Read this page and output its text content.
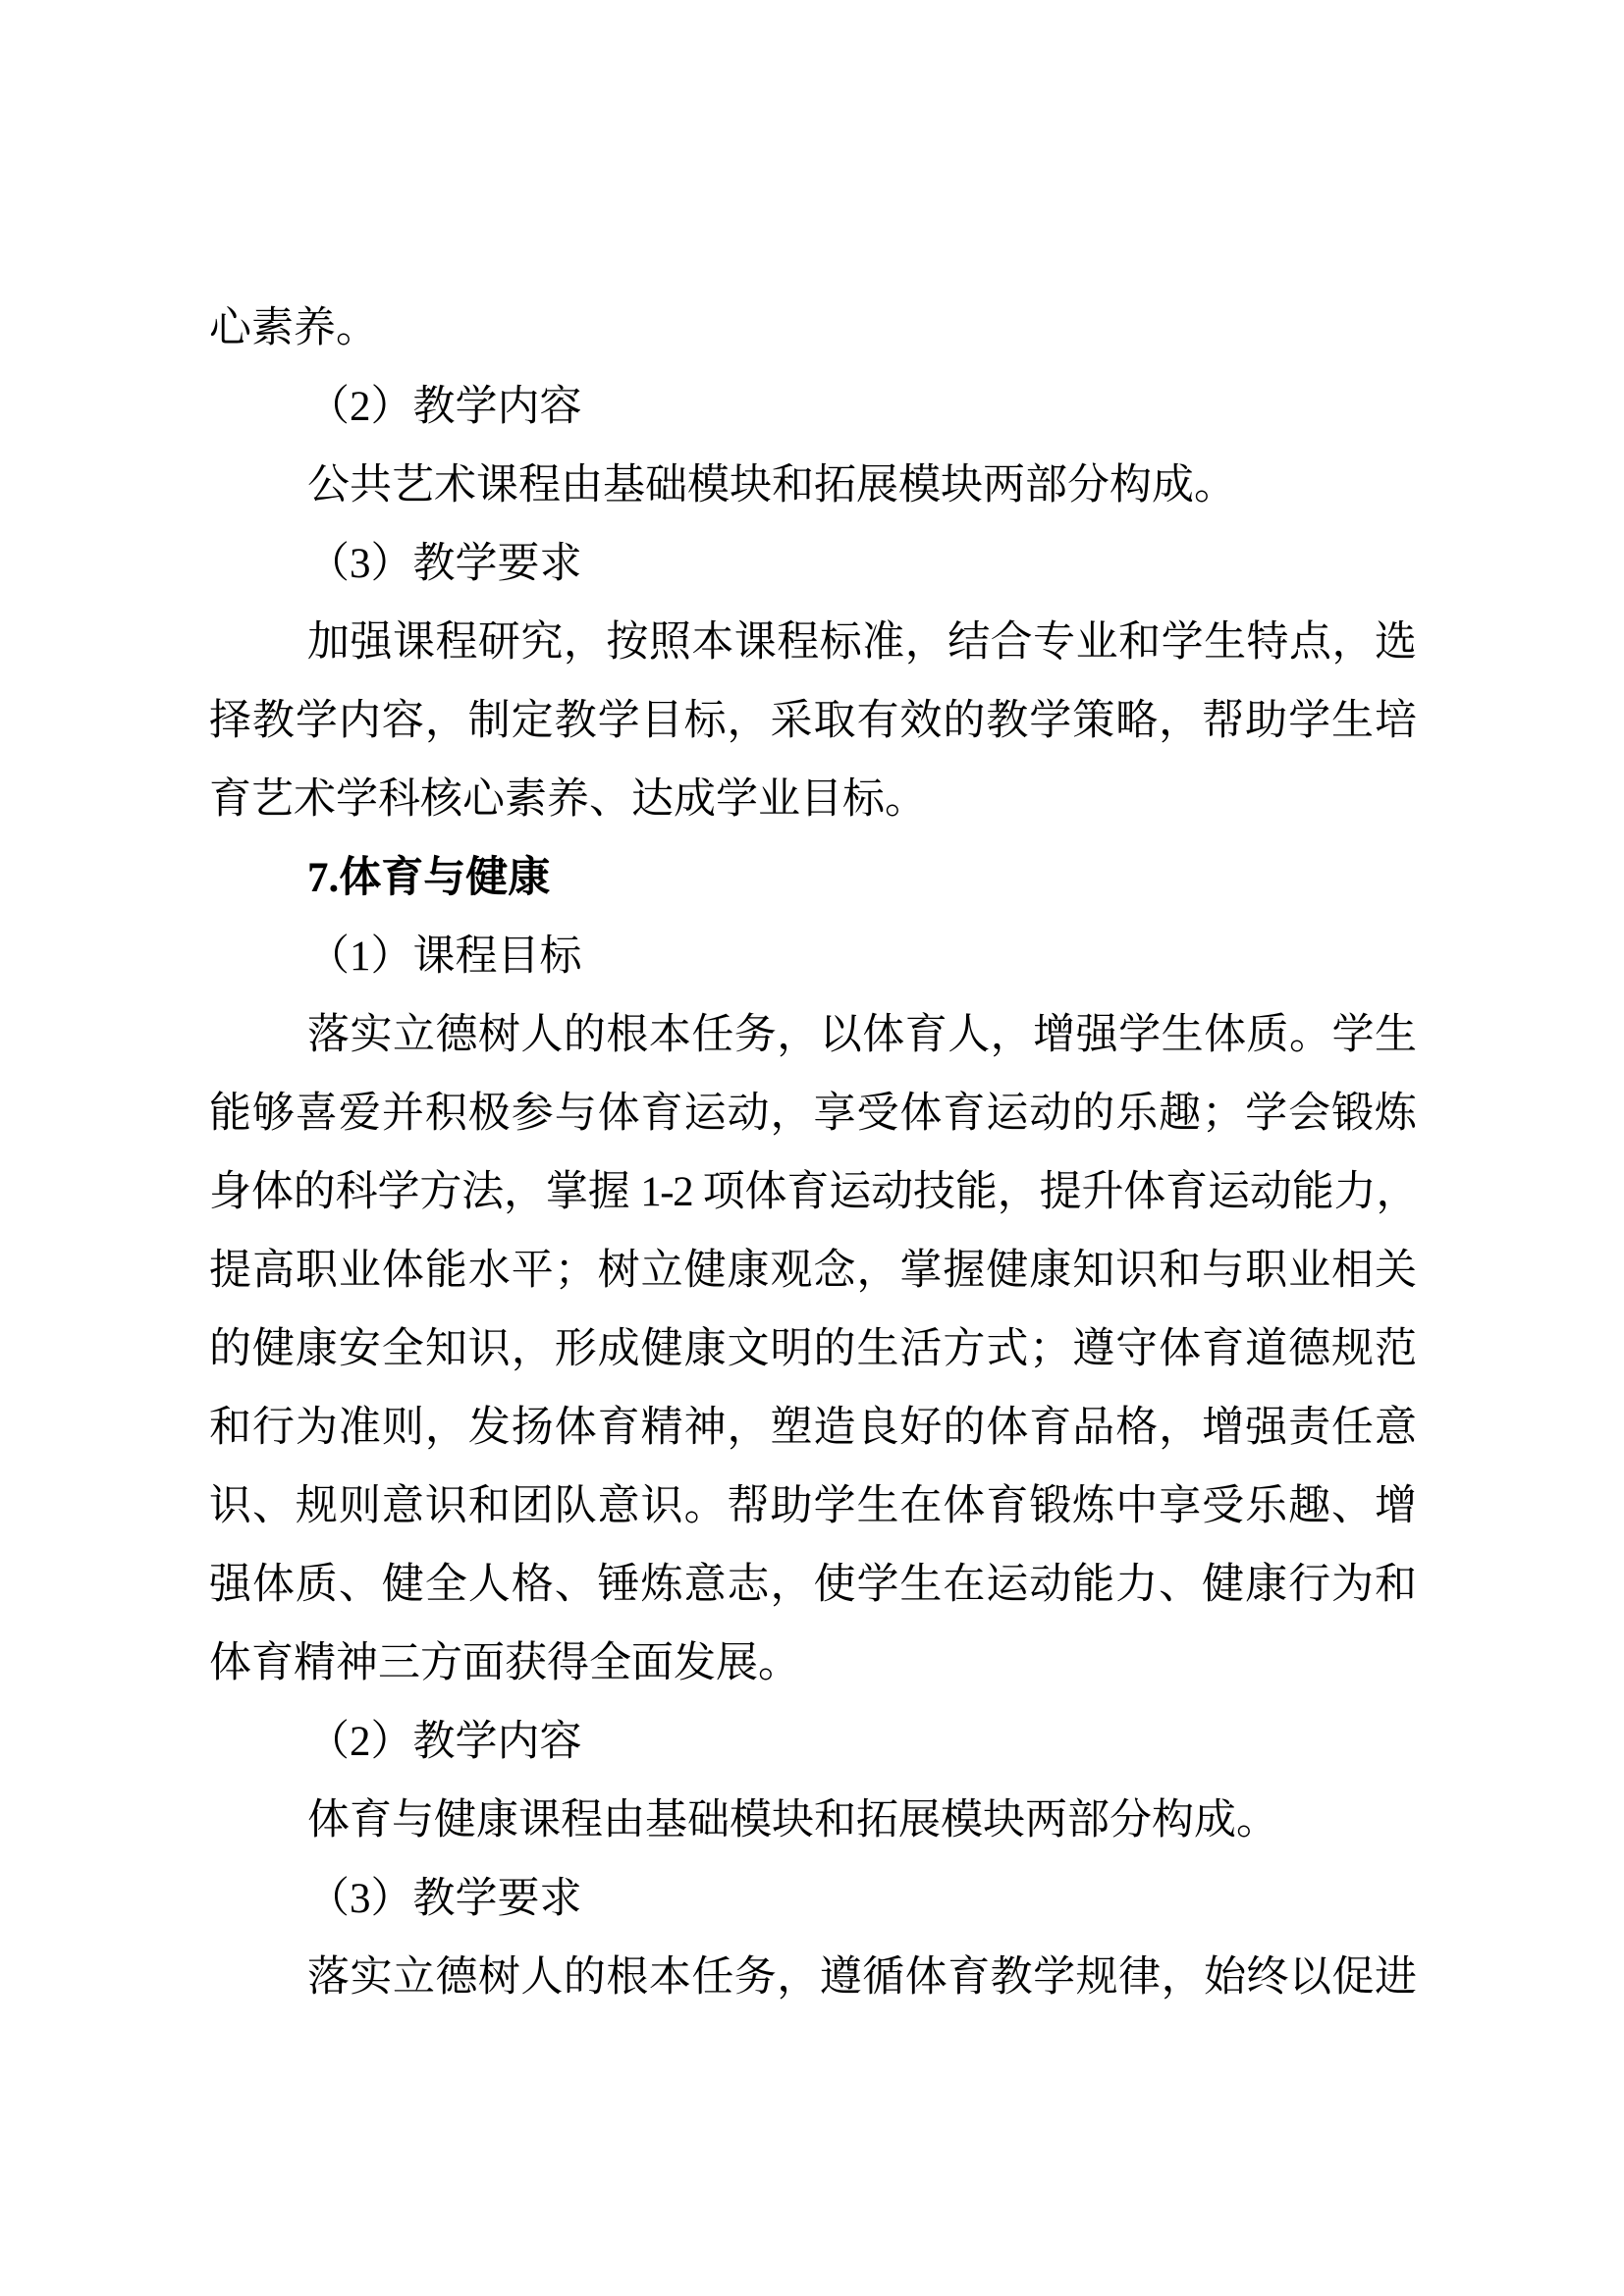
心素养。
（2）教学内容
公共艺术课程由基础模块和拓展模块两部分构成。
（3）教学要求
加强课程研究，按照本课程标准，结合专业和学生特点，选
择教学内容，制定教学目标，采取有效的教学策略，帮助学生培
育艺术学科核心素养、达成学业目标。
7.体育与健康
（1）课程目标
落实立德树人的根本任务，以体育人，增强学生体质。学生
能够喜爱并积极参与体育运动，享受体育运动的乐趣；学会锻炼
身体的科学方法，掌握 1-2 项体育运动技能，提升体育运动能力，
提高职业体能水平；树立健康观念，掌握健康知识和与职业相关
的健康安全知识，形成健康文明的生活方式；遵守体育道德规范
和行为准则，发扬体育精神，塑造良好的体育品格，增强责任意
识、规则意识和团队意识。帮助学生在体育锻炼中享受乐趣、增
强体质、健全人格、锤炼意志，使学生在运动能力、健康行为和
体育精神三方面获得全面发展。
（2）教学内容
体育与健康课程由基础模块和拓展模块两部分构成。
（3）教学要求
落实立德树人的根本任务，遵循体育教学规律，始终以促进
